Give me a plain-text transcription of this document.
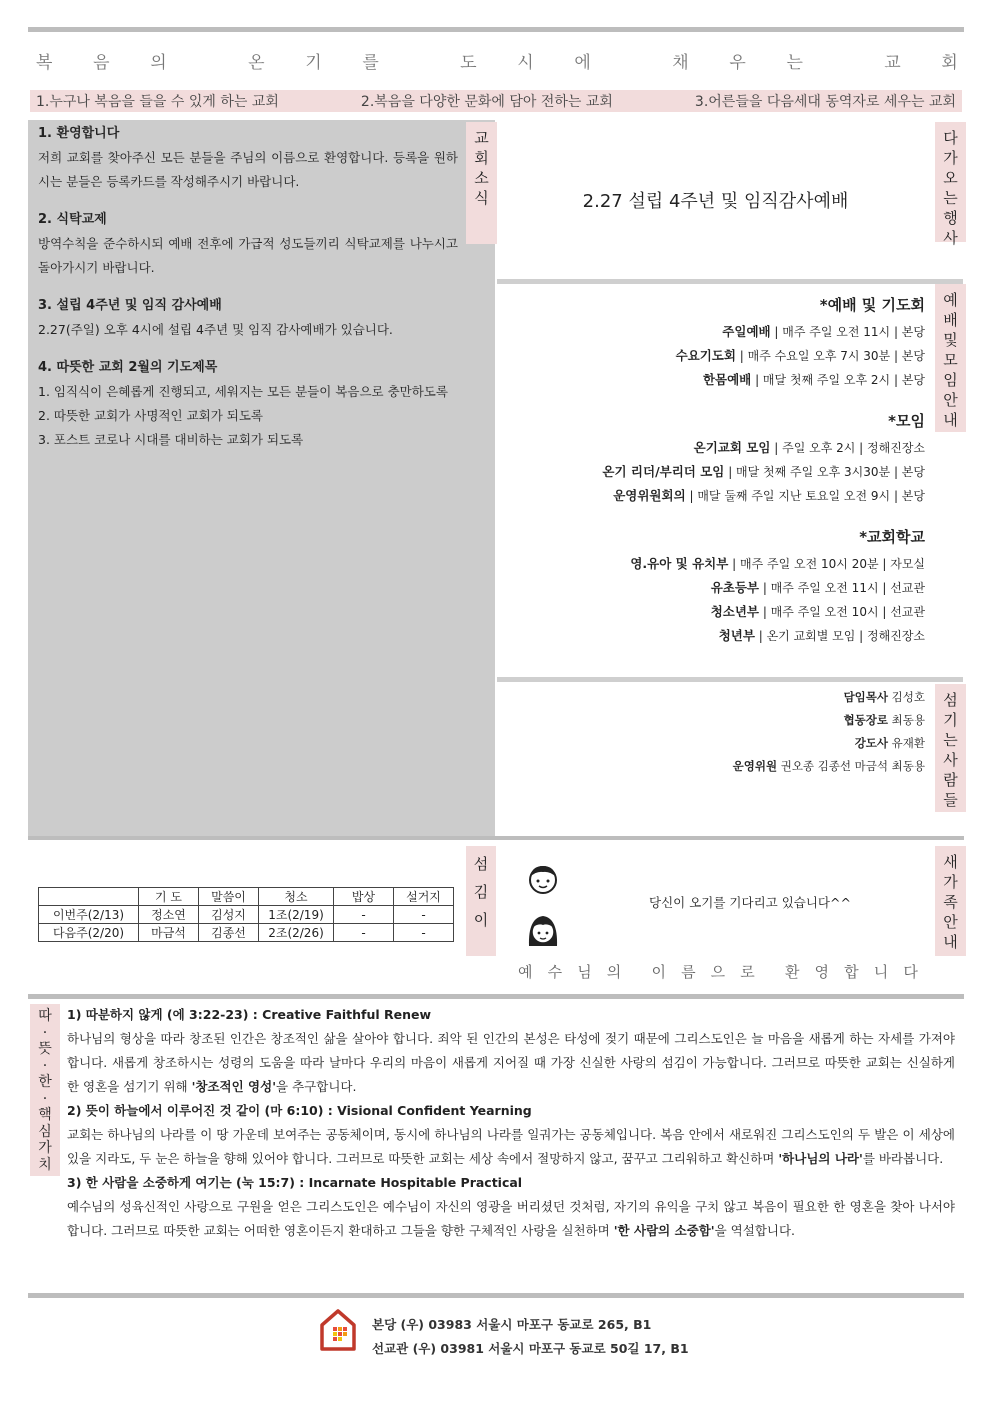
복 음 의	온 기 를	도 시 에	채 우 는	교 회
1.누구나 복음을 들을 수 있게 하는 교회	2.복음을 다양한 문화에 담아 전하는 교회	3.어른들을 다음세대 동역자로 세우는 교회
1. 환영합니다

저희 교회를 찾아주신 모든 분들을 주님의 이름으로 환영합니다. 등록을 원하시는 분들은 등록카드를 작성해주시기 바랍니다.

2. 식탁교제

방역수칙을 준수하시되 예배 전후에 가급적 성도들끼리 식탁교제를 나누시고 돌아가시기 바랍니다.

3. 설립 4주년 및 임직 감사예배

2.27(주일) 오후 4시에 설립 4주년 및 임직 감사예배가 있습니다.

4. 따뜻한 교회 2월의 기도제목

1. 임직식이 은혜롭게 진행되고, 세워지는 모든 분들이 복음으로 충만하도록

2. 따뜻한 교회가 사명적인 교회가 되도록

3. 포스트 코로나 시대를 대비하는 교회가 되도록

교
회
소
식	2.27 설립 4주년 및 임직감사예배
다
가
오
는
행
사
*예배 및 기도회
주일예배 | 매주 주일 오전 11시 | 본당
수요기도회 | 매주 수요일 오후 7시 30분 | 본당
한몸예배 | 매달 첫째 주일 오후 2시 | 본당
*모임
온기교회 모임 | 주일 오후 2시 | 정해진장소
온기 리더/부리더 모임 | 매달 첫째 주일 오후 3시30분 | 본당
운영위원회의 | 매달 둘째 주일 지난 토요일 오전 9시 | 본당
*교회학교
영.유아 및 유치부 | 매주 주일 오전 10시 20분 | 자모실
유초등부 | 매주 주일 오전 11시 | 선교관
청소년부 | 매주 주일 오전 10시 | 선교관
청년부 | 온기 교회별 모임 | 정해진장소
예
배
및
모
임
안
내
담임목사 김성호
협동장로 최동용
강도사 유재환
운영위원 권오종 김종선 마금석 최동용
섬
기
는
사
람
들
	기 도	말씀이	청소	밥상	설거지
이번주(2/13)	정소연	김성지	1조(2/19)	-	-
다음주(2/20)	마금석	김종선	2조(2/26)	-	-
섬
김
이
당신이 오기를 기다리고 있습니다^^
예 수 님 의 이 름 으 로 환 영 합 니 다
새
가
족
안
내
따
·
뜻
·
한
·
핵
심
가
치
1) 따분하지 않게 (에 3:22-23) : Creative Faithful Renew

하나님의 형상을 따라 창조된 인간은 창조적인 삶을 살아야 합니다. 죄악 된 인간의 본성은 타성에 젖기 때문에 그리스도인은 늘 마음을 새롭게 하는 자세를 가져야합니다. 새롭게 창조하시는 성령의 도움을 따라 날마다 우리의 마음이 새롭게 지어질 때 가장 신실한 사랑의 섬김이 가능합니다. 그러므로 따뜻한 교회는 신실하게 한 영혼을 섬기기 위해 '창조적인 영성'을 추구합니다.

2) 뜻이 하늘에서 이루어진 것 같이 (마 6:10) : Visional Confident Yearning

교회는 하나님의 나라를 이 땅 가운데 보여주는 공동체이며, 동시에 하나님의 나라를 일궈가는 공동체입니다. 복음 안에서 새로워진 그리스도인의 두 발은 이 세상에 있을 지라도, 두 눈은 하늘을 향해 있어야 합니다. 그러므로 따뜻한 교회는 세상 속에서 절망하지 않고, 꿈꾸고 그리워하고 확신하며 '하나님의 나라'를 바라봅니다.

3) 한 사람을 소중하게 여기는 (눅 15:7) : Incarnate Hospitable Practical

예수님의 성육신적인 사랑으로 구원을 얻은 그리스도인은 예수님이 자신의 영광을 버리셨던 것처럼, 자기의 유익을 구치 않고 복음이 필요한 한 영혼을 찾아 나서야 합니다. 그러므로 따뜻한 교회는 어떠한 영혼이든지 환대하고 그들을 향한 구체적인 사랑을 실천하며 '한 사람의 소중함'을 역설합니다.

본당 (우) 03983 서울시 마포구 동교로 265, B1
선교관 (우) 03981 서울시 마포구 동교로 50길 17, B1
